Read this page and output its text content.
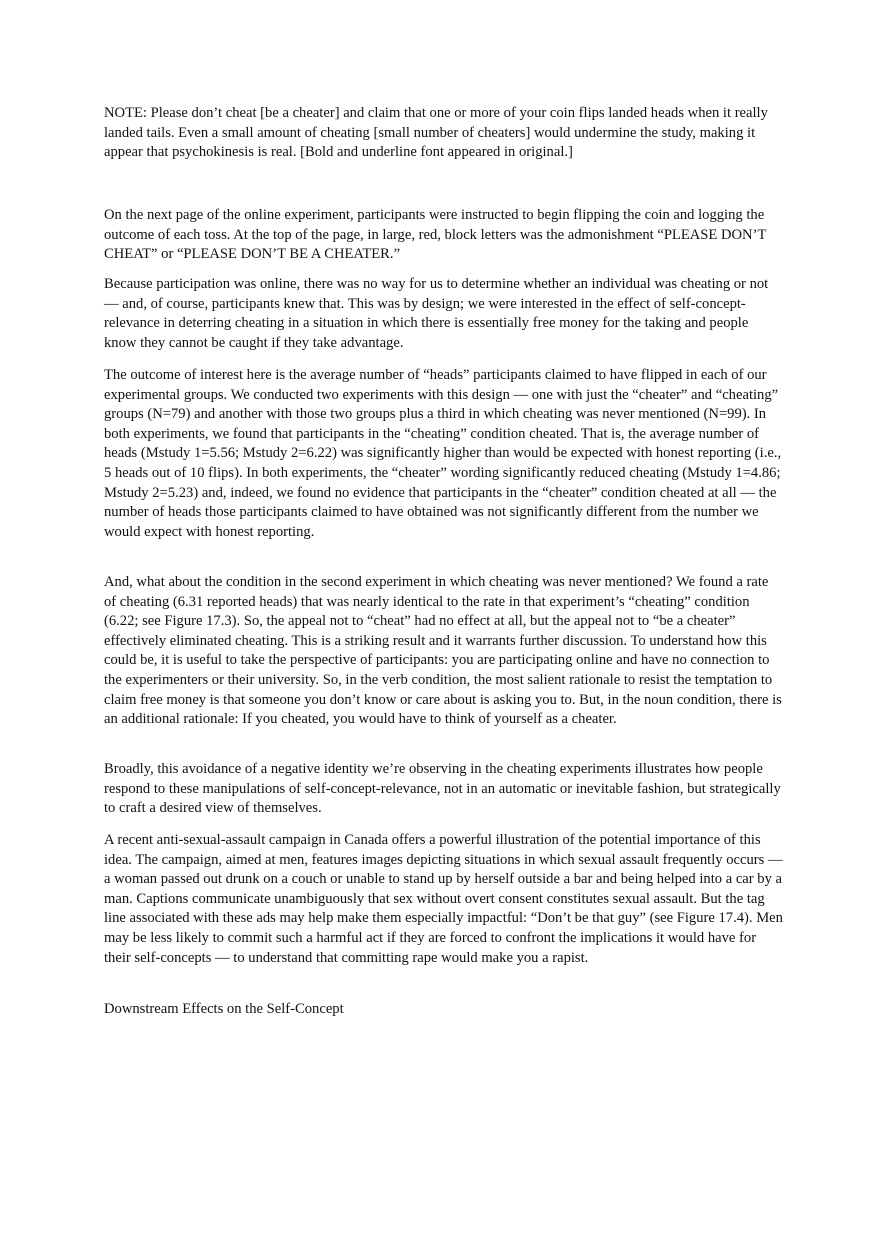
NOTE: Please don’t cheat [be a cheater] and claim that one or more of your coin flips landed heads when it really landed tails. Even a small amount of cheating [small number of cheaters] would undermine the study, making it appear that psychokinesis is real. [Bold and underline font appeared in original.]

On the next page of the online experiment, participants were instructed to begin flipping the coin and logging the outcome of each toss. At the top of the page, in large, red, block letters was the admonishment “PLEASE DON’T CHEAT” or “PLEASE DON’T BE A CHEATER.”

Because participation was online, there was no way for us to determine whether an individual was cheating or not — and, of course, participants knew that. This was by design; we were interested in the effect of self-concept-relevance in deterring cheating in a situation in which there is essentially free money for the taking and people know they cannot be caught if they take advantage.

The outcome of interest here is the average number of “heads” participants claimed to have flipped in each of our experimental groups. We conducted two experiments with this design — one with just the “cheater” and “cheating” groups (N=79) and another with those two groups plus a third in which cheating was never mentioned (N=99). In both experiments, we found that participants in the “cheating” condition cheated. That is, the average number of heads (Mstudy 1=5.56; Mstudy 2=6.22) was significantly higher than would be expected with honest reporting (i.e., 5 heads out of 10 flips). In both experiments, the “cheater” wording significantly reduced cheating (Mstudy 1=4.86; Mstudy 2=5.23) and, indeed, we found no evidence that participants in the “cheater” condition cheated at all — the number of heads those participants claimed to have obtained was not significantly different from the number we would expect with honest reporting.

And, what about the condition in the second experiment in which cheating was never mentioned? We found a rate of cheating (6.31 reported heads) that was nearly identical to the rate in that experiment’s “cheating” condition (6.22; see Figure 17.3). So, the appeal not to “cheat” had no effect at all, but the appeal not to “be a cheater” effectively eliminated cheating. This is a striking result and it warrants further discussion. To understand how this could be, it is useful to take the perspective of participants: you are participating online and have no connection to the experimenters or their university. So, in the verb condition, the most salient rationale to resist the temptation to claim free money is that someone you don’t know or care about is asking you to. But, in the noun condition, there is an additional rationale: If you cheated, you would have to think of yourself as a cheater.

Broadly, this avoidance of a negative identity we’re observing in the cheating experiments illustrates how people respond to these manipulations of self-concept-relevance, not in an automatic or inevitable fashion, but strategically to craft a desired view of themselves.

A recent anti-sexual-assault campaign in Canada offers a powerful illustration of the potential importance of this idea. The campaign, aimed at men, features images depicting situations in which sexual assault frequently occurs — a woman passed out drunk on a couch or unable to stand up by herself outside a bar and being helped into a car by a man. Captions communicate unambiguously that sex without overt consent constitutes sexual assault. But the tag line associated with these ads may help make them especially impactful: “Don’t be that guy” (see Figure 17.4). Men may be less likely to commit such a harmful act if they are forced to confront the implications it would have for their self-concepts — to understand that committing rape would make you a rapist.

Downstream Effects on the Self-Concept
